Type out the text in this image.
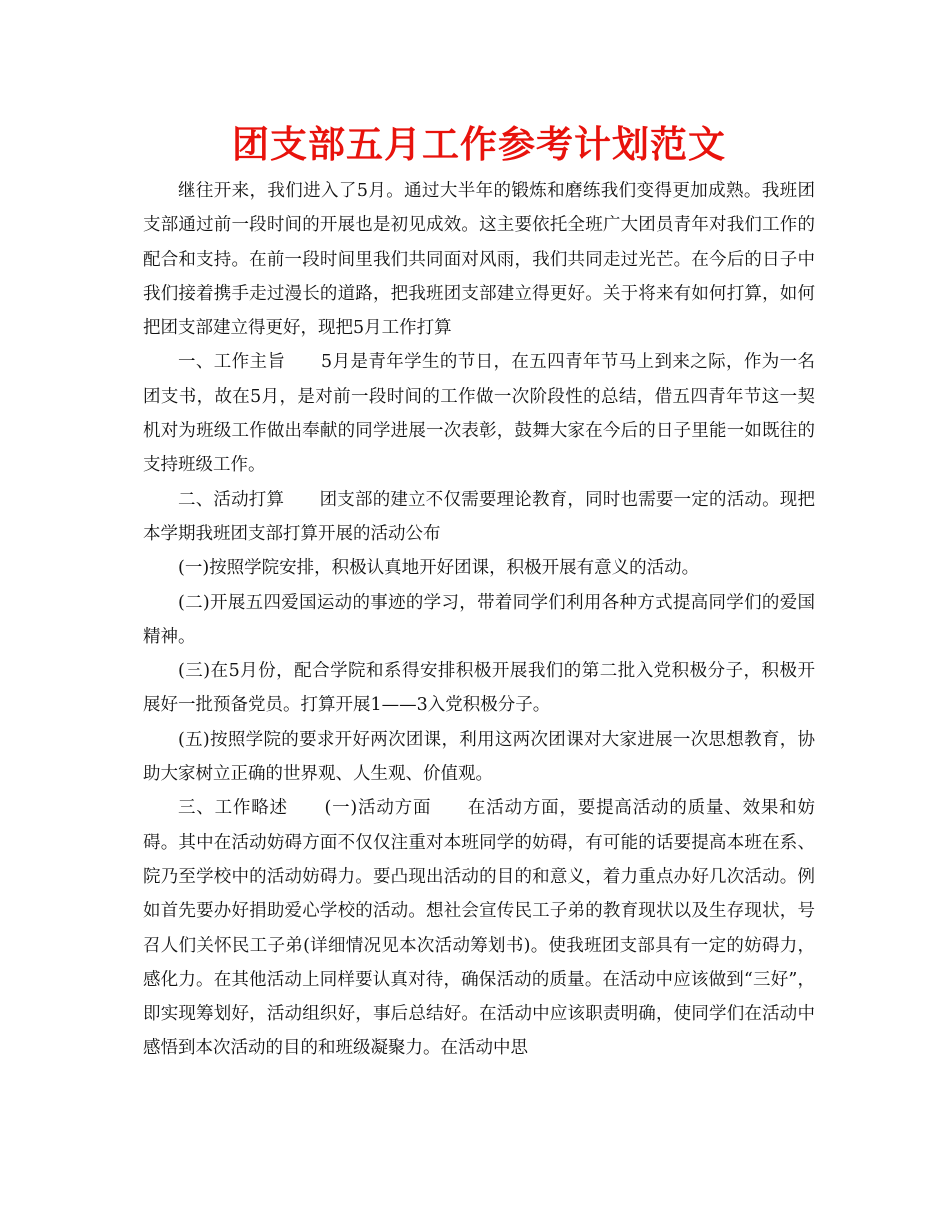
团支部五月工作参考计划范文

继往开来，我们进入了5月。通过大半年的锻炼和磨练我们变得更加成熟。我班团支部通过前一段时间的开展也是初见成效。这主要依托全班广大团员青年对我们工作的配合和支持。在前一段时间里我们共同面对风雨，我们共同走过光芒。在今后的日子中我们接着携手走过漫长的道路，把我班团支部建立得更好。关于将来有如何打算，如何把团支部建立得更好，现把5月工作打算

一、工作主旨　　5月是青年学生的节日，在五四青年节马上到来之际，作为一名团支书，故在5月，是对前一段时间的工作做一次阶段性的总结，借五四青年节这一契机对为班级工作做出奉献的同学进展一次表彰，鼓舞大家在今后的日子里能一如既往的支持班级工作。

二、活动打算　　团支部的建立不仅需要理论教育，同时也需要一定的活动。现把本学期我班团支部打算开展的活动公布

(一)按照学院安排，积极认真地开好团课，积极开展有意义的活动。

(二)开展五四爱国运动的事迹的学习，带着同学们利用各种方式提高同学们的爱国精神。

(三)在5月份，配合学院和系得安排积极开展我们的第二批入党积极分子，积极开展好一批预备党员。打算开展1——3入党积极分子。

(五)按照学院的要求开好两次团课，利用这两次团课对大家进展一次思想教育，协助大家树立正确的世界观、人生观、价值观。

三、工作略述　　(一)活动方面　　在活动方面，要提高活动的质量、效果和妨碍。其中在活动妨碍方面不仅仅注重对本班同学的妨碍，有可能的话要提高本班在系、院乃至学校中的活动妨碍力。要凸现出活动的目的和意义，着力重点办好几次活动。例如首先要办好捐助爱心学校的活动。想社会宣传民工子弟的教育现状以及生存现状，号召人们关怀民工子弟(详细情况见本次活动筹划书)。使我班团支部具有一定的妨碍力，感化力。在其他活动上同样要认真对待，确保活动的质量。在活动中应该做到“三好”，即实现筹划好，活动组织好，事后总结好。在活动中应该职责明确，使同学们在活动中感悟到本次活动的目的和班级凝聚力。在活动中思
